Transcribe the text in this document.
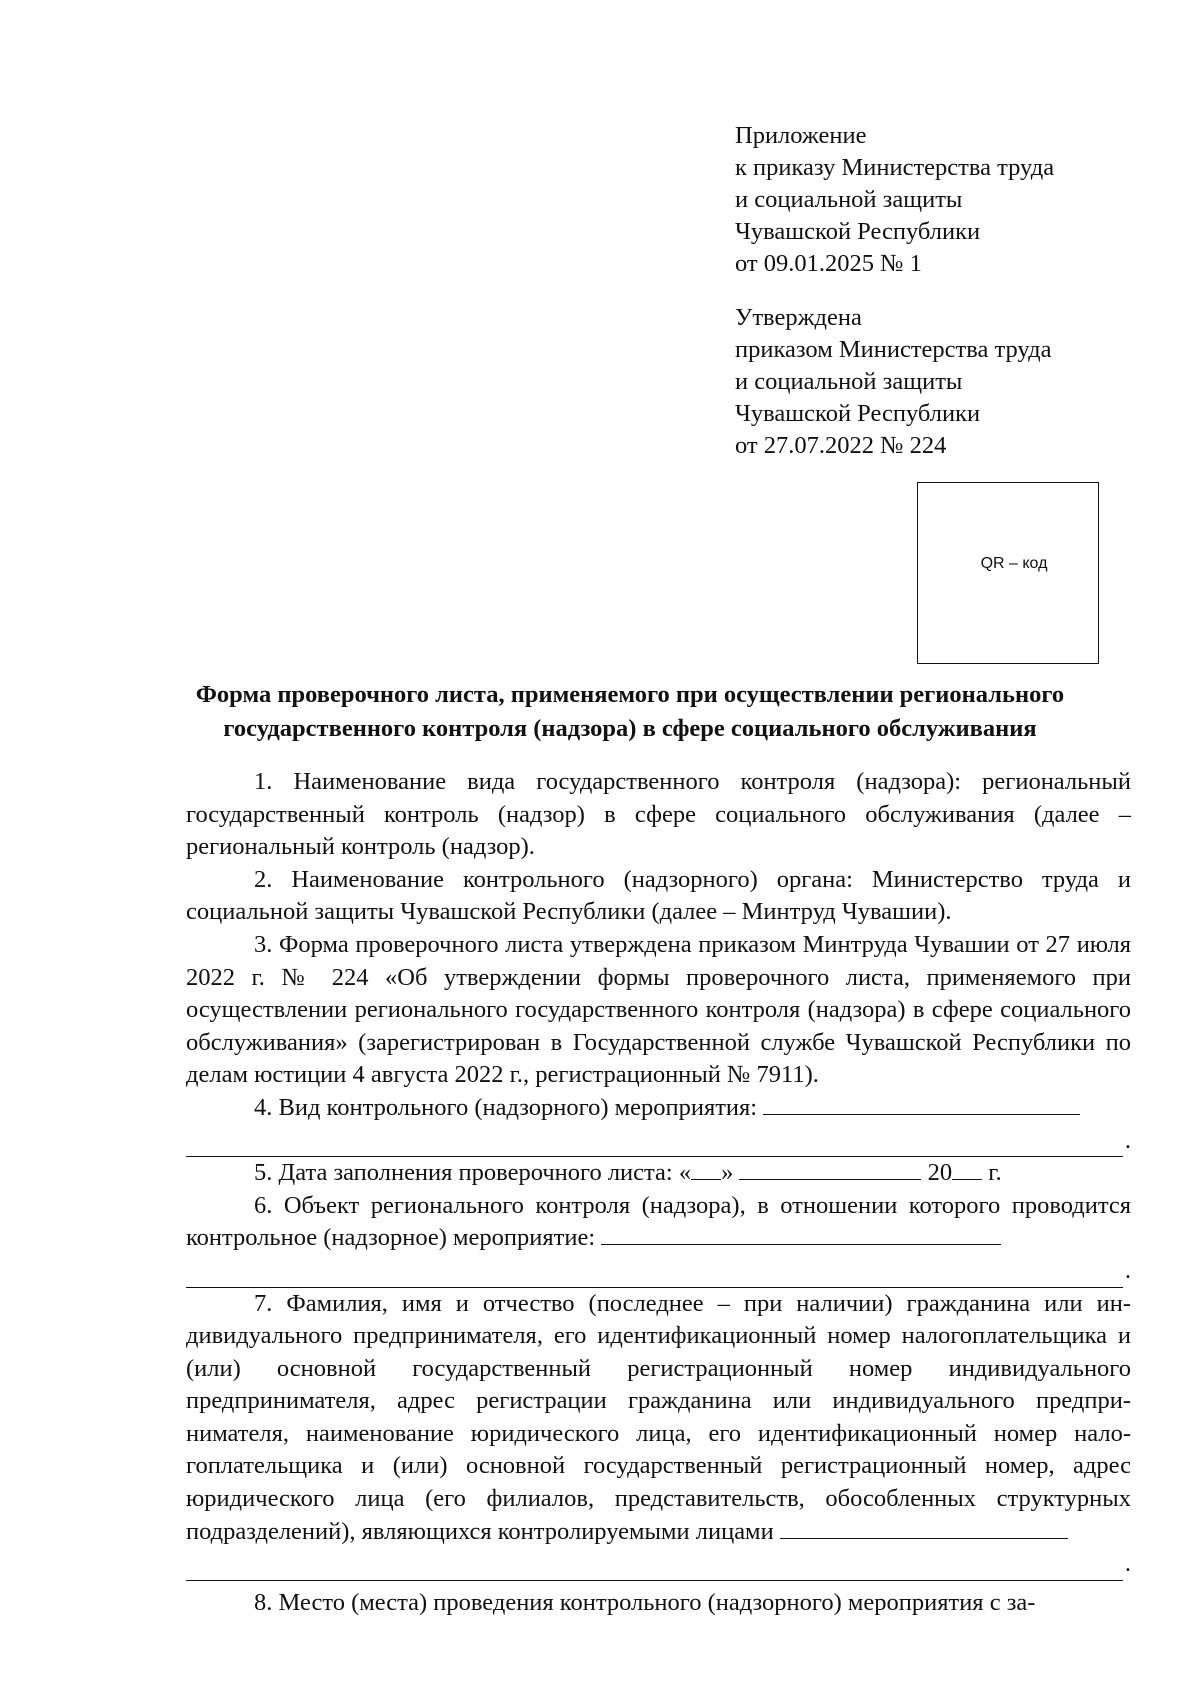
Приложение
к приказу Министерства труда
и социальной защиты
Чувашской Республики
от 09.01.2025 № 1
Утверждена
приказом Министерства труда
и социальной защиты
Чувашской Республики
от 27.07.2022 № 224
QR – код
Форма проверочного листа, применяемого при осуществлении регионального
государственного контроля (надзора) в сфере социального обслуживания

1. Наименование вида государственного контроля (надзора): региональный государственный контроль (надзор) в сфере социального обслуживания (далее – региональный контроль (надзор).

2. Наименование контрольного (надзорного) органа: Министерство труда и социальной защиты Чувашской Республики (далее – Минтруд Чувашии).

3. Форма проверочного листа утверждена приказом Минтруда Чувашии от 27 июля 2022 г. № 224 «Об утверждении формы проверочного листа, применяемого при осуществлении регионального государственного контроля (надзора) в сфере социального обслуживания» (зарегистрирован в Государственной службе Чувашской Республики по делам юстиции 4 августа 2022 г., регистрационный № 7911).

4. Вид контрольного (надзорного) мероприятия:

.

5. Дата заполнения проверочного листа: « »	20 г.

6. Объект регионального контроля (надзора), в отношении которого проводится контрольное (надзорное) мероприятие:

.

7. Фамилия, имя и отчество (последнее – при наличии) гражданина или индивидуального предпринимателя, его идентификационный номер налогоплательщика и (или) основной государственный регистрационный номер индивидуального предпринимателя, адрес регистрации гражданина или индивидуального предпринимателя, наименование юридического лица, его идентификационный номер налогоплательщика и (или) основной государственный регистрационный номер, адрес юридического лица (его филиалов, представительств, обособленных структурных подразделений), являющихся контролируемыми лицами

.

8. Место (места) проведения контрольного (надзорного) мероприятия с за-
